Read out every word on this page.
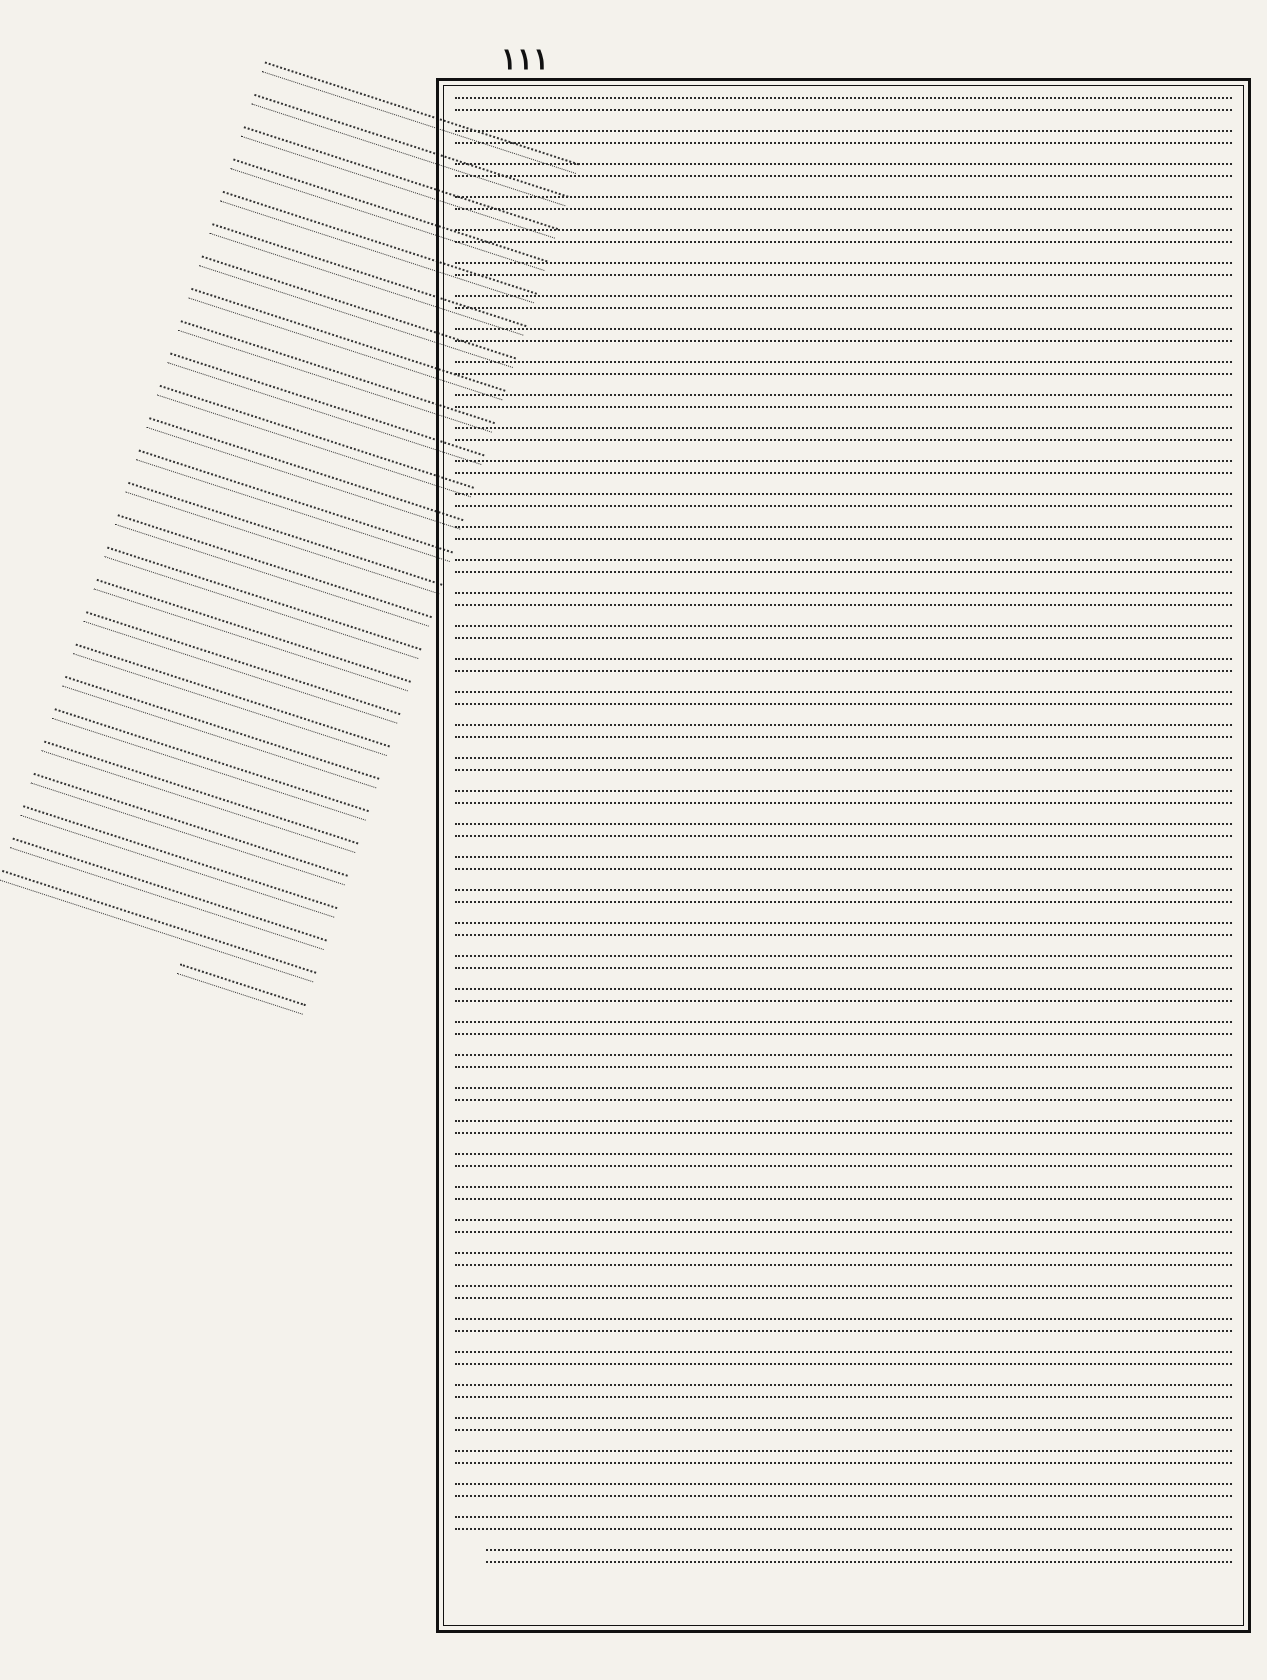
١١١
